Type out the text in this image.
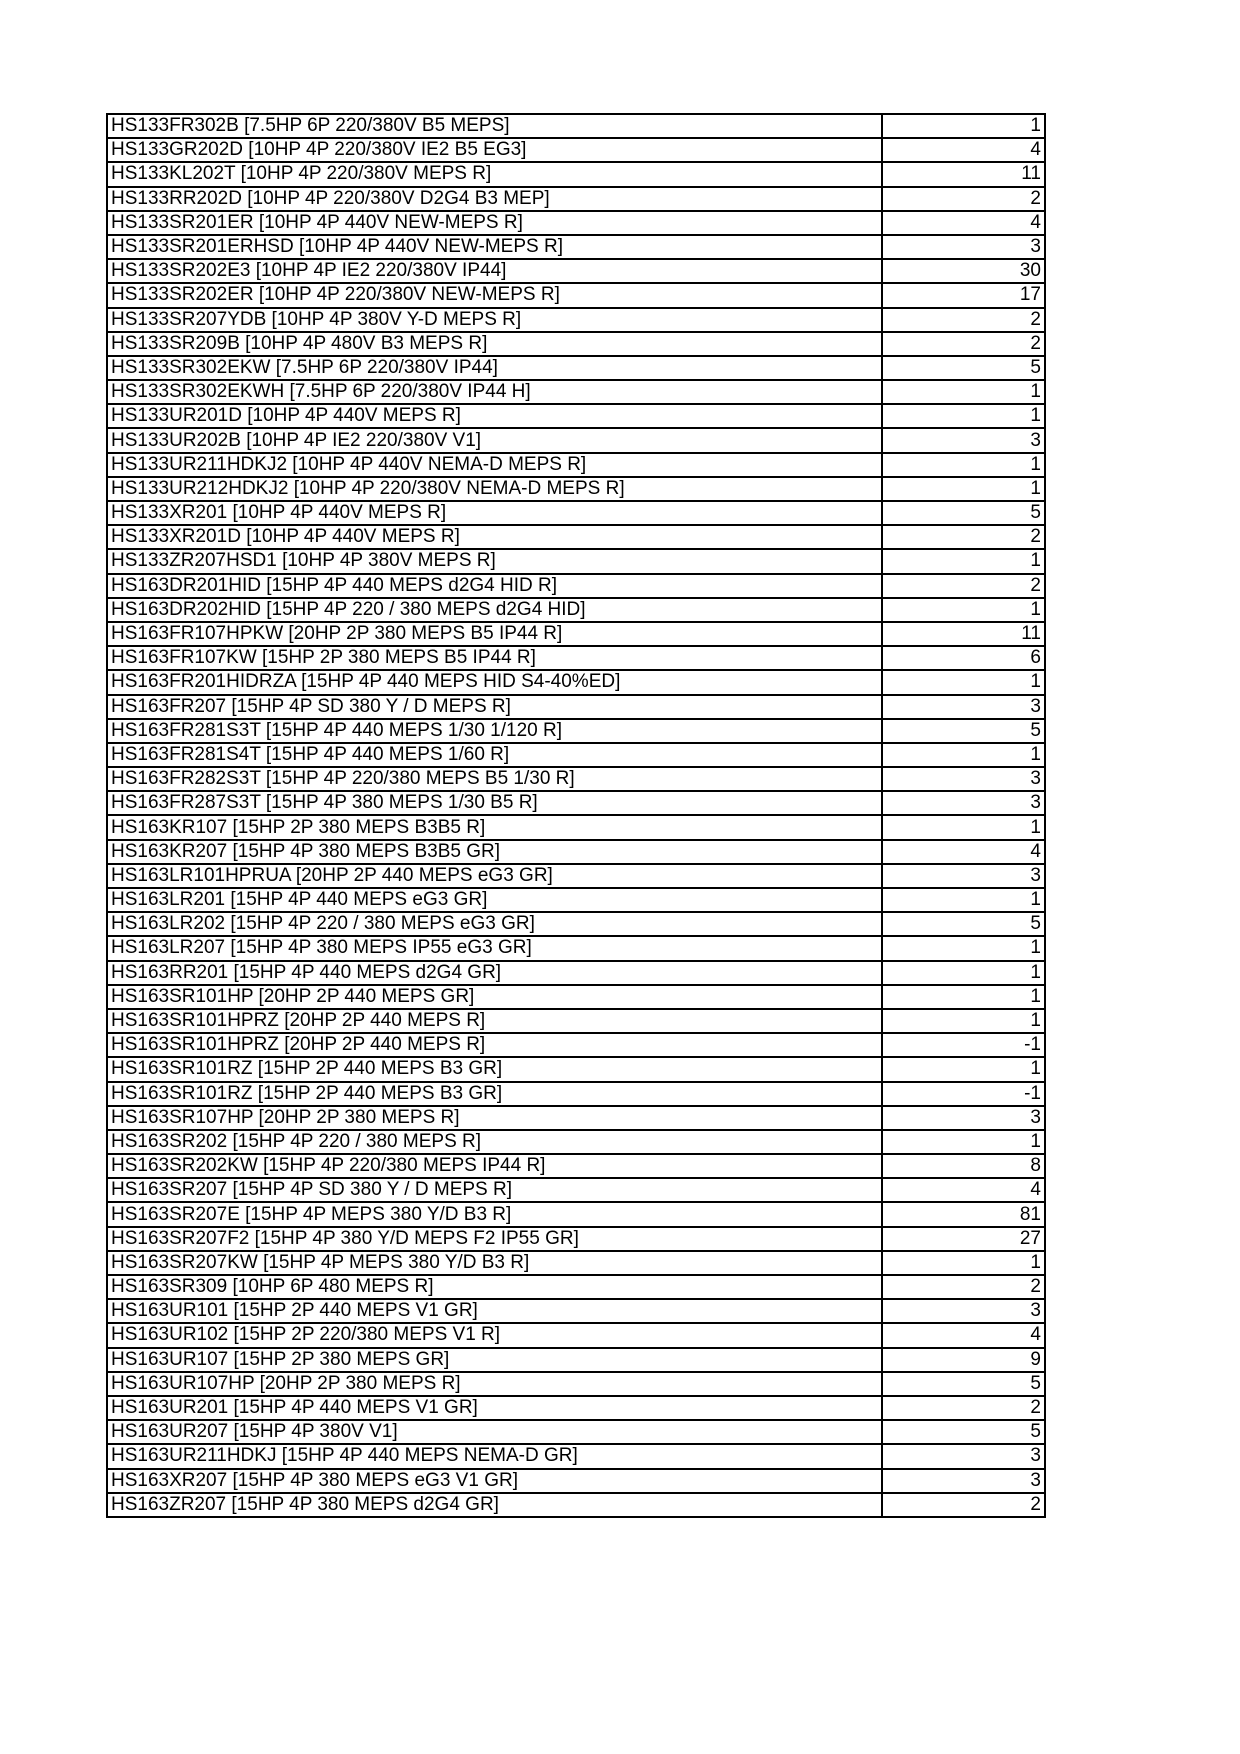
HS133FR302B [7.5HP 6P 220/380V B5 MEPS]	1
HS133GR202D [10HP 4P 220/380V IE2 B5 EG3]	4
HS133KL202T [10HP 4P 220/380V MEPS R]	11
HS133RR202D [10HP 4P 220/380V D2G4 B3 MEP]	2
HS133SR201ER [10HP 4P 440V NEW-MEPS R]	4
HS133SR201ERHSD [10HP 4P 440V NEW-MEPS R]	3
HS133SR202E3 [10HP 4P IE2 220/380V IP44]	30
HS133SR202ER [10HP 4P 220/380V NEW-MEPS R]	17
HS133SR207YDB [10HP 4P 380V Y-D MEPS R]	2
HS133SR209B [10HP 4P 480V B3 MEPS R]	2
HS133SR302EKW [7.5HP 6P 220/380V IP44]	5
HS133SR302EKWH [7.5HP 6P 220/380V IP44 H]	1
HS133UR201D [10HP 4P 440V MEPS R]	1
HS133UR202B [10HP 4P IE2 220/380V V1]	3
HS133UR211HDKJ2 [10HP 4P 440V NEMA-D MEPS R]	1
HS133UR212HDKJ2 [10HP 4P 220/380V NEMA-D MEPS R]	1
HS133XR201 [10HP 4P 440V MEPS R]	5
HS133XR201D [10HP 4P 440V MEPS R]	2
HS133ZR207HSD1 [10HP 4P 380V MEPS R]	1
HS163DR201HID [15HP 4P 440 MEPS d2G4 HID R]	2
HS163DR202HID [15HP 4P 220 / 380 MEPS d2G4 HID]	1
HS163FR107HPKW [20HP 2P 380 MEPS B5 IP44 R]	11
HS163FR107KW [15HP 2P 380 MEPS B5 IP44 R]	6
HS163FR201HIDRZA [15HP 4P 440 MEPS HID S4-40%ED]	1
HS163FR207 [15HP 4P SD 380 Y / D MEPS R]	3
HS163FR281S3T [15HP 4P 440 MEPS 1/30 1/120 R]	5
HS163FR281S4T [15HP 4P 440 MEPS 1/60 R]	1
HS163FR282S3T [15HP 4P 220/380 MEPS B5 1/30 R]	3
HS163FR287S3T [15HP 4P 380 MEPS 1/30 B5 R]	3
HS163KR107 [15HP 2P 380 MEPS B3B5 R]	1
HS163KR207 [15HP 4P 380 MEPS B3B5 GR]	4
HS163LR101HPRUA [20HP 2P 440 MEPS eG3 GR]	3
HS163LR201 [15HP 4P 440 MEPS eG3 GR]	1
HS163LR202 [15HP 4P 220 / 380 MEPS eG3 GR]	5
HS163LR207 [15HP 4P 380 MEPS IP55 eG3 GR]	1
HS163RR201 [15HP 4P 440 MEPS d2G4 GR]	1
HS163SR101HP [20HP 2P 440 MEPS GR]	1
HS163SR101HPRZ [20HP 2P 440 MEPS R]	1
HS163SR101HPRZ [20HP 2P 440 MEPS R]	-1
HS163SR101RZ [15HP 2P 440 MEPS B3 GR]	1
HS163SR101RZ [15HP 2P 440 MEPS B3 GR]	-1
HS163SR107HP [20HP 2P 380 MEPS R]	3
HS163SR202 [15HP 4P 220 / 380 MEPS R]	1
HS163SR202KW [15HP 4P 220/380 MEPS IP44 R]	8
HS163SR207 [15HP 4P SD 380 Y / D MEPS R]	4
HS163SR207E [15HP 4P MEPS 380 Y/D B3 R]	81
HS163SR207F2 [15HP 4P 380 Y/D MEPS F2 IP55 GR]	27
HS163SR207KW [15HP 4P MEPS 380 Y/D B3 R]	1
HS163SR309 [10HP 6P 480 MEPS R]	2
HS163UR101 [15HP 2P 440 MEPS V1 GR]	3
HS163UR102 [15HP 2P 220/380 MEPS V1 R]	4
HS163UR107 [15HP 2P 380 MEPS GR]	9
HS163UR107HP [20HP 2P 380 MEPS R]	5
HS163UR201 [15HP 4P 440 MEPS V1 GR]	2
HS163UR207 [15HP 4P 380V V1]	5
HS163UR211HDKJ [15HP 4P 440 MEPS NEMA-D GR]	3
HS163XR207 [15HP 4P 380 MEPS eG3 V1 GR]	3
HS163ZR207 [15HP 4P 380 MEPS d2G4 GR]	2
